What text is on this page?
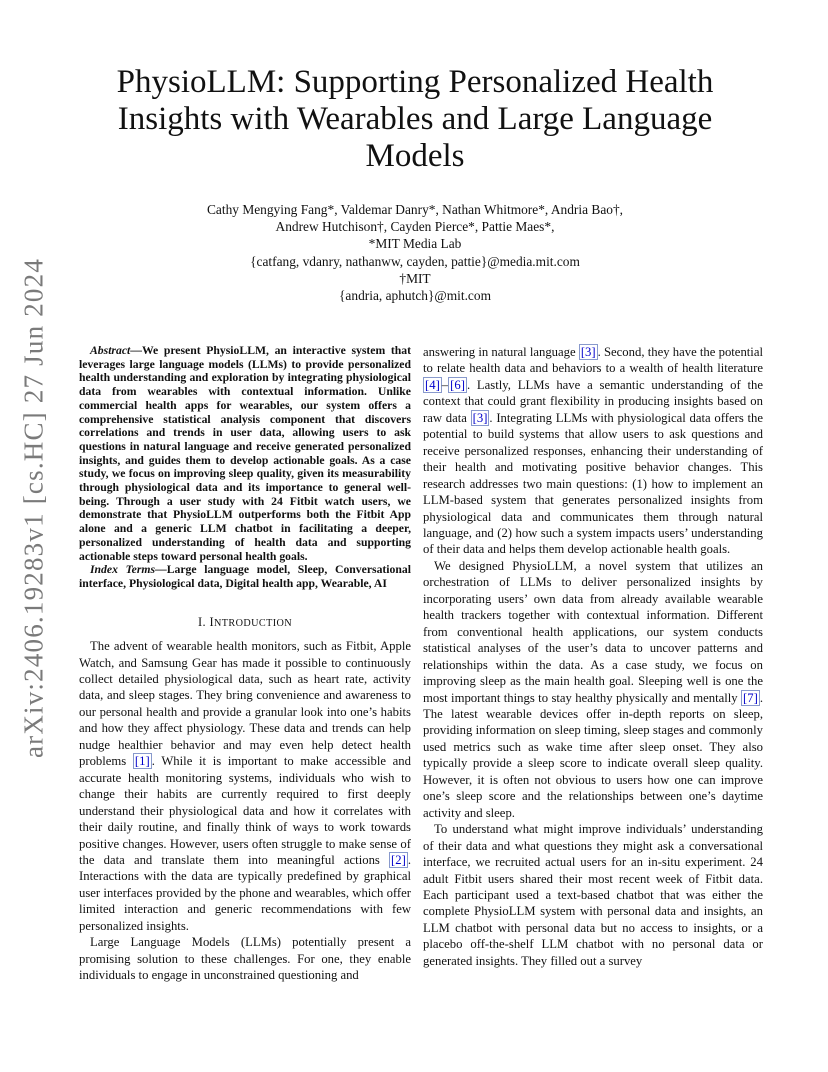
arXiv:2406.19283v1 [cs.HC] 27 Jun 2024
PhysioLLM: Supporting Personalized Health Insights with Wearables and Large Language Models
Cathy Mengying Fang*, Valdemar Danry*, Nathan Whitmore*, Andria Bao†,
Andrew Hutchison†, Cayden Pierce*, Pattie Maes*,
*MIT Media Lab
{catfang, vdanry, nathanww, cayden, pattie}@media.mit.com
†MIT
{andria, aphutch}@mit.com

Abstract—We present PhysioLLM, an interactive system that leverages large language models (LLMs) to provide personalized health understanding and exploration by integrating physiological data from wearables with contextual information. Unlike commercial health apps for wearables, our system offers a comprehensive statistical analysis component that discovers correlations and trends in user data, allowing users to ask questions in natural language and receive generated personalized insights, and guides them to develop actionable goals. As a case study, we focus on improving sleep quality, given its measurability through physiological data and its importance to general well-being. Through a user study with 24 Fitbit watch users, we demonstrate that PhysioLLM outperforms both the Fitbit App alone and a generic LLM chatbot in facilitating a deeper, personalized understanding of health data and supporting actionable steps toward personal health goals.

Index Terms—Large language model, Sleep, Conversational interface, Physiological data, Digital health app, Wearable, AI

I. INTRODUCTION

The advent of wearable health monitors, such as Fitbit, Apple Watch, and Samsung Gear has made it possible to continuously collect detailed physiological data, such as heart rate, activity data, and sleep stages. They bring convenience and awareness to our personal health and provide a granular look into one’s habits and how they affect physiology. These data and trends can help nudge healthier behavior and may even help detect health problems [1] . While it is important to make accessible and accurate health monitoring systems, individuals who wish to change their habits are currently required to first deeply understand their physiological data and how it correlates with their daily routine, and finally think of ways to work towards positive changes. However, users often struggle to make sense of the data and translate them into meaningful actions [2] . Interactions with the data are typically predefined by graphical user interfaces provided by the phone and wearables, which offer limited interaction and generic recommendations with few personalized insights.

Large Language Models (LLMs) potentially present a promising solution to these challenges. For one, they enable individuals to engage in unconstrained questioning and

answering in natural language [3] . Second, they have the potential to relate health data and behaviors to a wealth of health literature [4] – [6] . Lastly, LLMs have a semantic understanding of the context that could grant flexibility in producing insights based on raw data [3] . Integrating LLMs with physiological data offers the potential to build systems that allow users to ask questions and receive personalized responses, enhancing their understanding of their health and motivating positive behavior changes. This research addresses two main questions: (1) how to implement an LLM-based system that generates personalized insights from physiological data and communicates them through natural language, and (2) how such a system impacts users’ understanding of their data and helps them develop actionable health goals.

We designed PhysioLLM, a novel system that utilizes an orchestration of LLMs to deliver personalized insights by incorporating users’ own data from already available wearable health trackers together with contextual information. Different from conventional health applications, our system conducts statistical analyses of the user’s data to uncover patterns and relationships within the data. As a case study, we focus on improving sleep as the main health goal. Sleeping well is one the most important things to stay healthy physically and mentally [7] . The latest wearable devices offer in-depth reports on sleep, providing information on sleep timing, sleep stages and commonly used metrics such as wake time after sleep onset. They also typically provide a sleep score to indicate overall sleep quality. However, it is often not obvious to users how one can improve one’s sleep score and the relationships between one’s daytime activity and sleep.

To understand what might improve individuals’ understanding of their data and what questions they might ask a conversational interface, we recruited actual users for an in-situ experiment. 24 adult Fitbit users shared their most recent week of Fitbit data. Each participant used a text-based chatbot that was either the complete PhysioLLM system with personal data and insights, an LLM chatbot with personal data but no access to insights, or a placebo off-the-shelf LLM chatbot with no personal data or generated insights. They filled out a survey
